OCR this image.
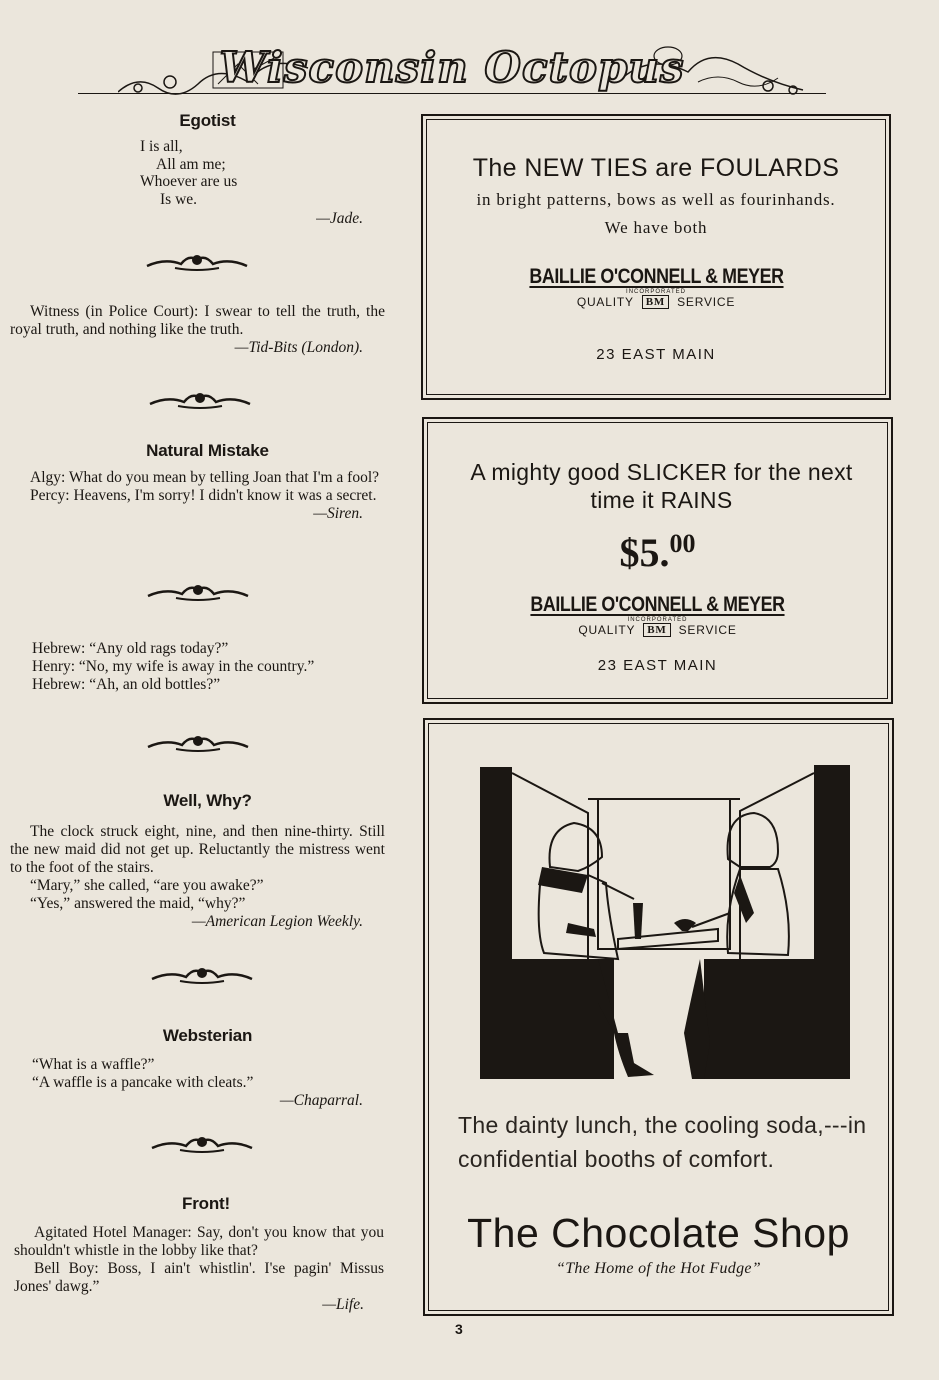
Wisconsin Octopus
Egotist
I is all,
All am me;
Whoever are us
Is we.
—Jade.
Witness (in Police Court): I swear to tell the truth, the royal truth, and nothing like the truth.
—Tid-Bits (London).
Natural Mistake
Algy: What do you mean by telling Joan that I'm a fool?
Percy: Heavens, I'm sorry! I didn't know it was a secret.
—Siren.
Hebrew: “Any old rags today?”
Henry: “No, my wife is away in the country.”
Hebrew: “Ah, an old bottles?”
Well, Why?
The clock struck eight, nine, and then nine-thirty. Still the new maid did not get up. Reluctantly the mistress went to the foot of the stairs.
“Mary,” she called, “are you awake?”
“Yes,” answered the maid, “why?”
—American Legion Weekly.
Websterian
“What is a waffle?”
“A waffle is a pancake with cleats.”
—Chaparral.
Front!
Agitated Hotel Manager: Say, don't you know that you shouldn't whistle in the lobby like that?
Bell Boy: Boss, I ain't whistlin'. I'se pagin' Missus Jones' dawg.”
—Life.
The NEW TIES are FOULARDS
in bright patterns, bows as well as fourinhands.
We have both
BAILLIE O'CONNELL & MEYER
INCORPORATED
QUALITY	BM	SERVICE
23 EAST MAIN
A mighty good SLICKER for the next time it RAINS
$5.00
BAILLIE O'CONNELL & MEYER
INCORPORATED
QUALITY	BM	SERVICE
23 EAST MAIN
The dainty lunch, the cooling soda,---in confidential booths of comfort.
The Chocolate Shop
“The Home of the Hot Fudge”
3
